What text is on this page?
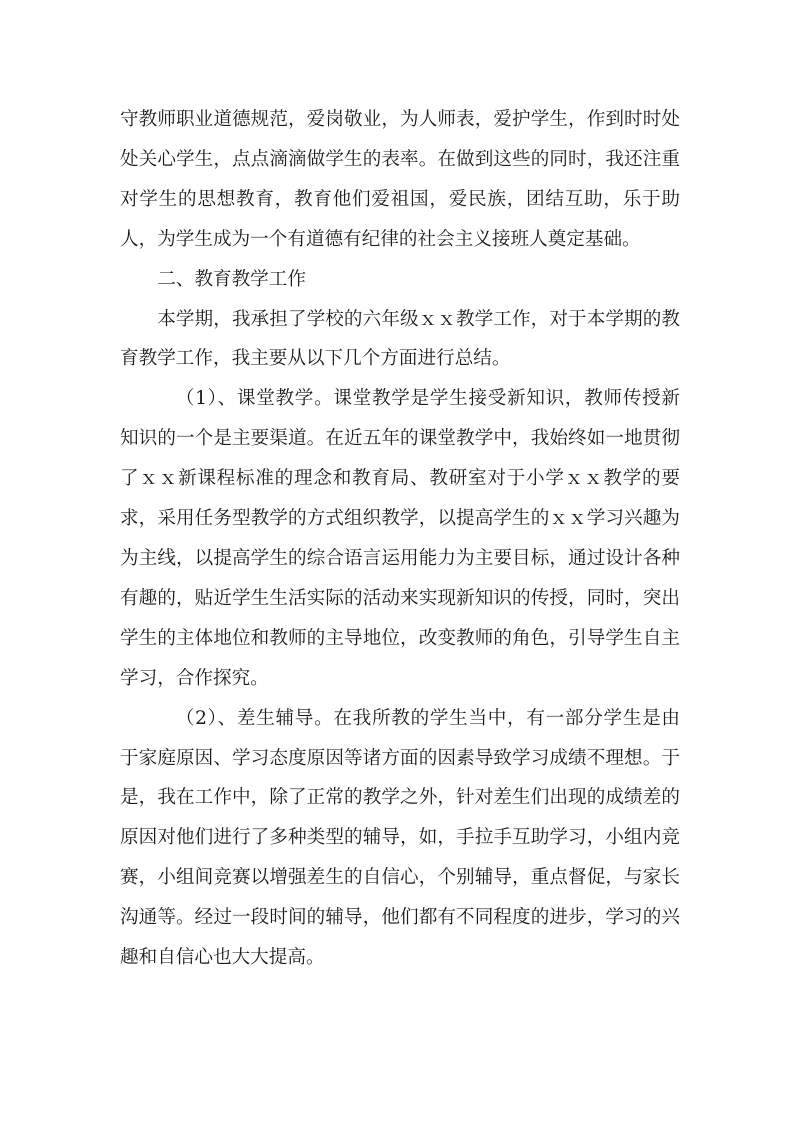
守教师职业道德规范，爱岗敬业，为人师表，爱护学生，作到时时处处关心学生，点点滴滴做学生的表率。在做到这些的同时，我还注重对学生的思想教育，教育他们爱祖国，爱民族，团结互助，乐于助人，为学生成为一个有道德有纪律的社会主义接班人奠定基础。

二、教育教学工作

本学期，我承担了学校的六年级ｘｘ教学工作，对于本学期的教育教学工作，我主要从以下几个方面进行总结。

（1）、课堂教学。课堂教学是学生接受新知识，教师传授新知识的一个是主要渠道。在近五年的课堂教学中，我始终如一地贯彻了ｘｘ新课程标准的理念和教育局、教研室对于小学ｘｘ教学的要求，采用任务型教学的方式组织教学，以提高学生的ｘｘ学习兴趣为为主线，以提高学生的综合语言运用能力为主要目标，通过设计各种有趣的，贴近学生生活实际的活动来实现新知识的传授，同时，突出学生的主体地位和教师的主导地位，改变教师的角色，引导学生自主学习，合作探究。

（2）、差生辅导。在我所教的学生当中，有一部分学生是由于家庭原因、学习态度原因等诸方面的因素导致学习成绩不理想。于是，我在工作中，除了正常的教学之外，针对差生们出现的成绩差的原因对他们进行了多种类型的辅导，如，手拉手互助学习，小组内竞赛，小组间竞赛以增强差生的自信心，个别辅导，重点督促，与家长沟通等。经过一段时间的辅导，他们都有不同程度的进步，学习的兴趣和自信心也大大提高。
